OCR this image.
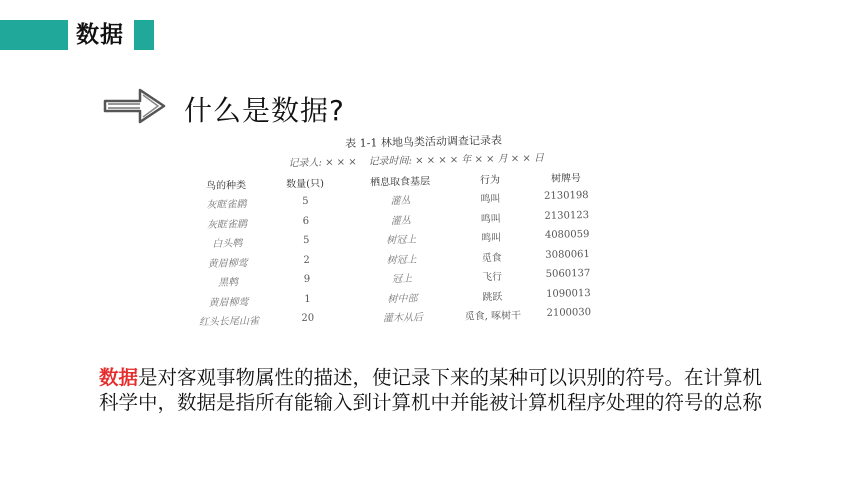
数据
什么是数据?
表 1-1 林地鸟类活动调查记录表
记录人: × × × 记录时间: × × × × 年 × × 月 × × 日
鸟的种类	数量(只)	栖息取食基层	行为	树牌号
灰眶雀鹛	5	灌丛	鸣叫	2130198
灰眶雀鹛	6	灌丛	鸣叫	2130123
白头鹎	5	树冠上	鸣叫	4080059
黄眉柳莺	2	树冠上	觅食	3080061
黑鹎	9	冠上	飞行	5060137
黄眉柳莺	1	树中部	跳跃	1090013
红头长尾山雀	20	灌木从后	觅食, 啄树干	2100030
数据是对客观事物属性的描述，使记录下来的某种可以识别的符号。在计算机科学中，数据是指所有能输入到计算机中并能被计算机程序处理的符号的总称
